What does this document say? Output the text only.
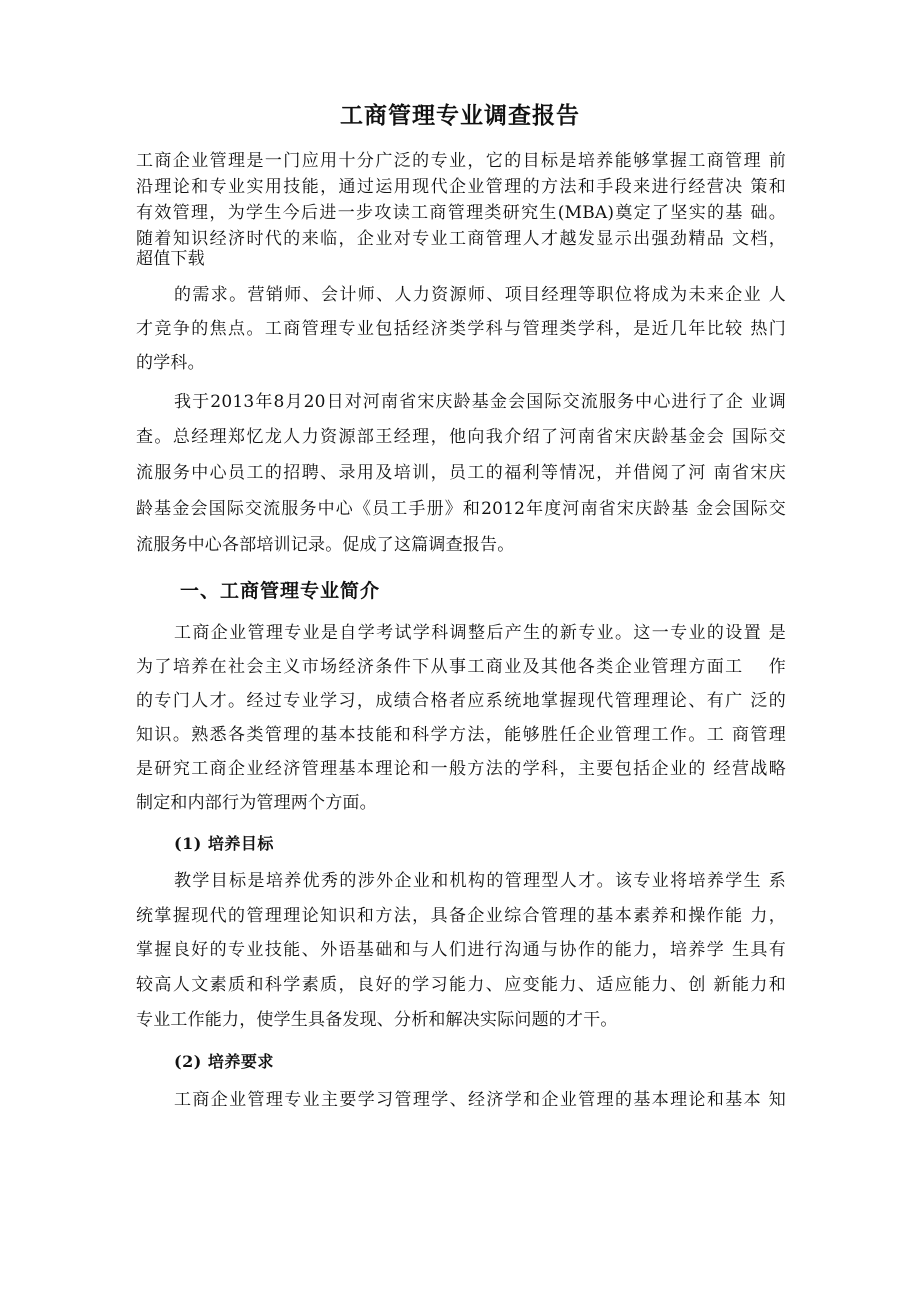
工商管理专业调查报告
工商企业管理是一门应用十分广泛的专业，它的目标是培养能够掌握工商管理 前
沿理论和专业实用技能，通过运用现代企业管理的方法和手段来进行经营决 策和
有效管理，为学生今后进一步攻读工商管理类研究生(MBA)奠定了坚实的基 础。
随着知识经济时代的来临，企业对专业工商管理人才越发显示出强劲精品 文档，
超值下载
的需求。营销师、会计师、人力资源师、项目经理等职位将成为未来企业 人
才竞争的焦点。工商管理专业包括经济类学科与管理类学科，是近几年比较 热门
的学科。
我于2013年8月20日对河南省宋庆龄基金会国际交流服务中心进行了企 业调
查。总经理郑忆龙人力资源部王经理，他向我介绍了河南省宋庆龄基金会 国际交
流服务中心员工的招聘、录用及培训，员工的福利等情况，并借阅了河 南省宋庆
龄基金会国际交流服务中心《员工手册》和2012年度河南省宋庆龄基 金会国际交
流服务中心各部培训记录。促成了这篇调查报告。
一、工商管理专业简介
工商企业管理专业是自学考试学科调整后产生的新专业。这一专业的设置 是
为了培养在社会主义市场经济条件下从事工商业及其他各类企业管理方面工　 作
的专门人才。经过专业学习，成绩合格者应系统地掌握现代管理理论、有广 泛的
知识。熟悉各类管理的基本技能和科学方法，能够胜任企业管理工作。工 商管理
是研究工商企业经济管理基本理论和一般方法的学科，主要包括企业的 经营战略
制定和内部行为管理两个方面。
(1) 培养目标
教学目标是培养优秀的涉外企业和机构的管理型人才。该专业将培养学生 系
统掌握现代的管理理论知识和方法，具备企业综合管理的基本素养和操作能 力，
掌握良好的专业技能、外语基础和与人们进行沟通与协作的能力，培养学 生具有
较高人文素质和科学素质，良好的学习能力、应变能力、适应能力、创 新能力和
专业工作能力，使学生具备发现、分析和解决实际问题的才干。
(2) 培养要求
工商企业管理专业主要学习管理学、经济学和企业管理的基本理论和基本 知
